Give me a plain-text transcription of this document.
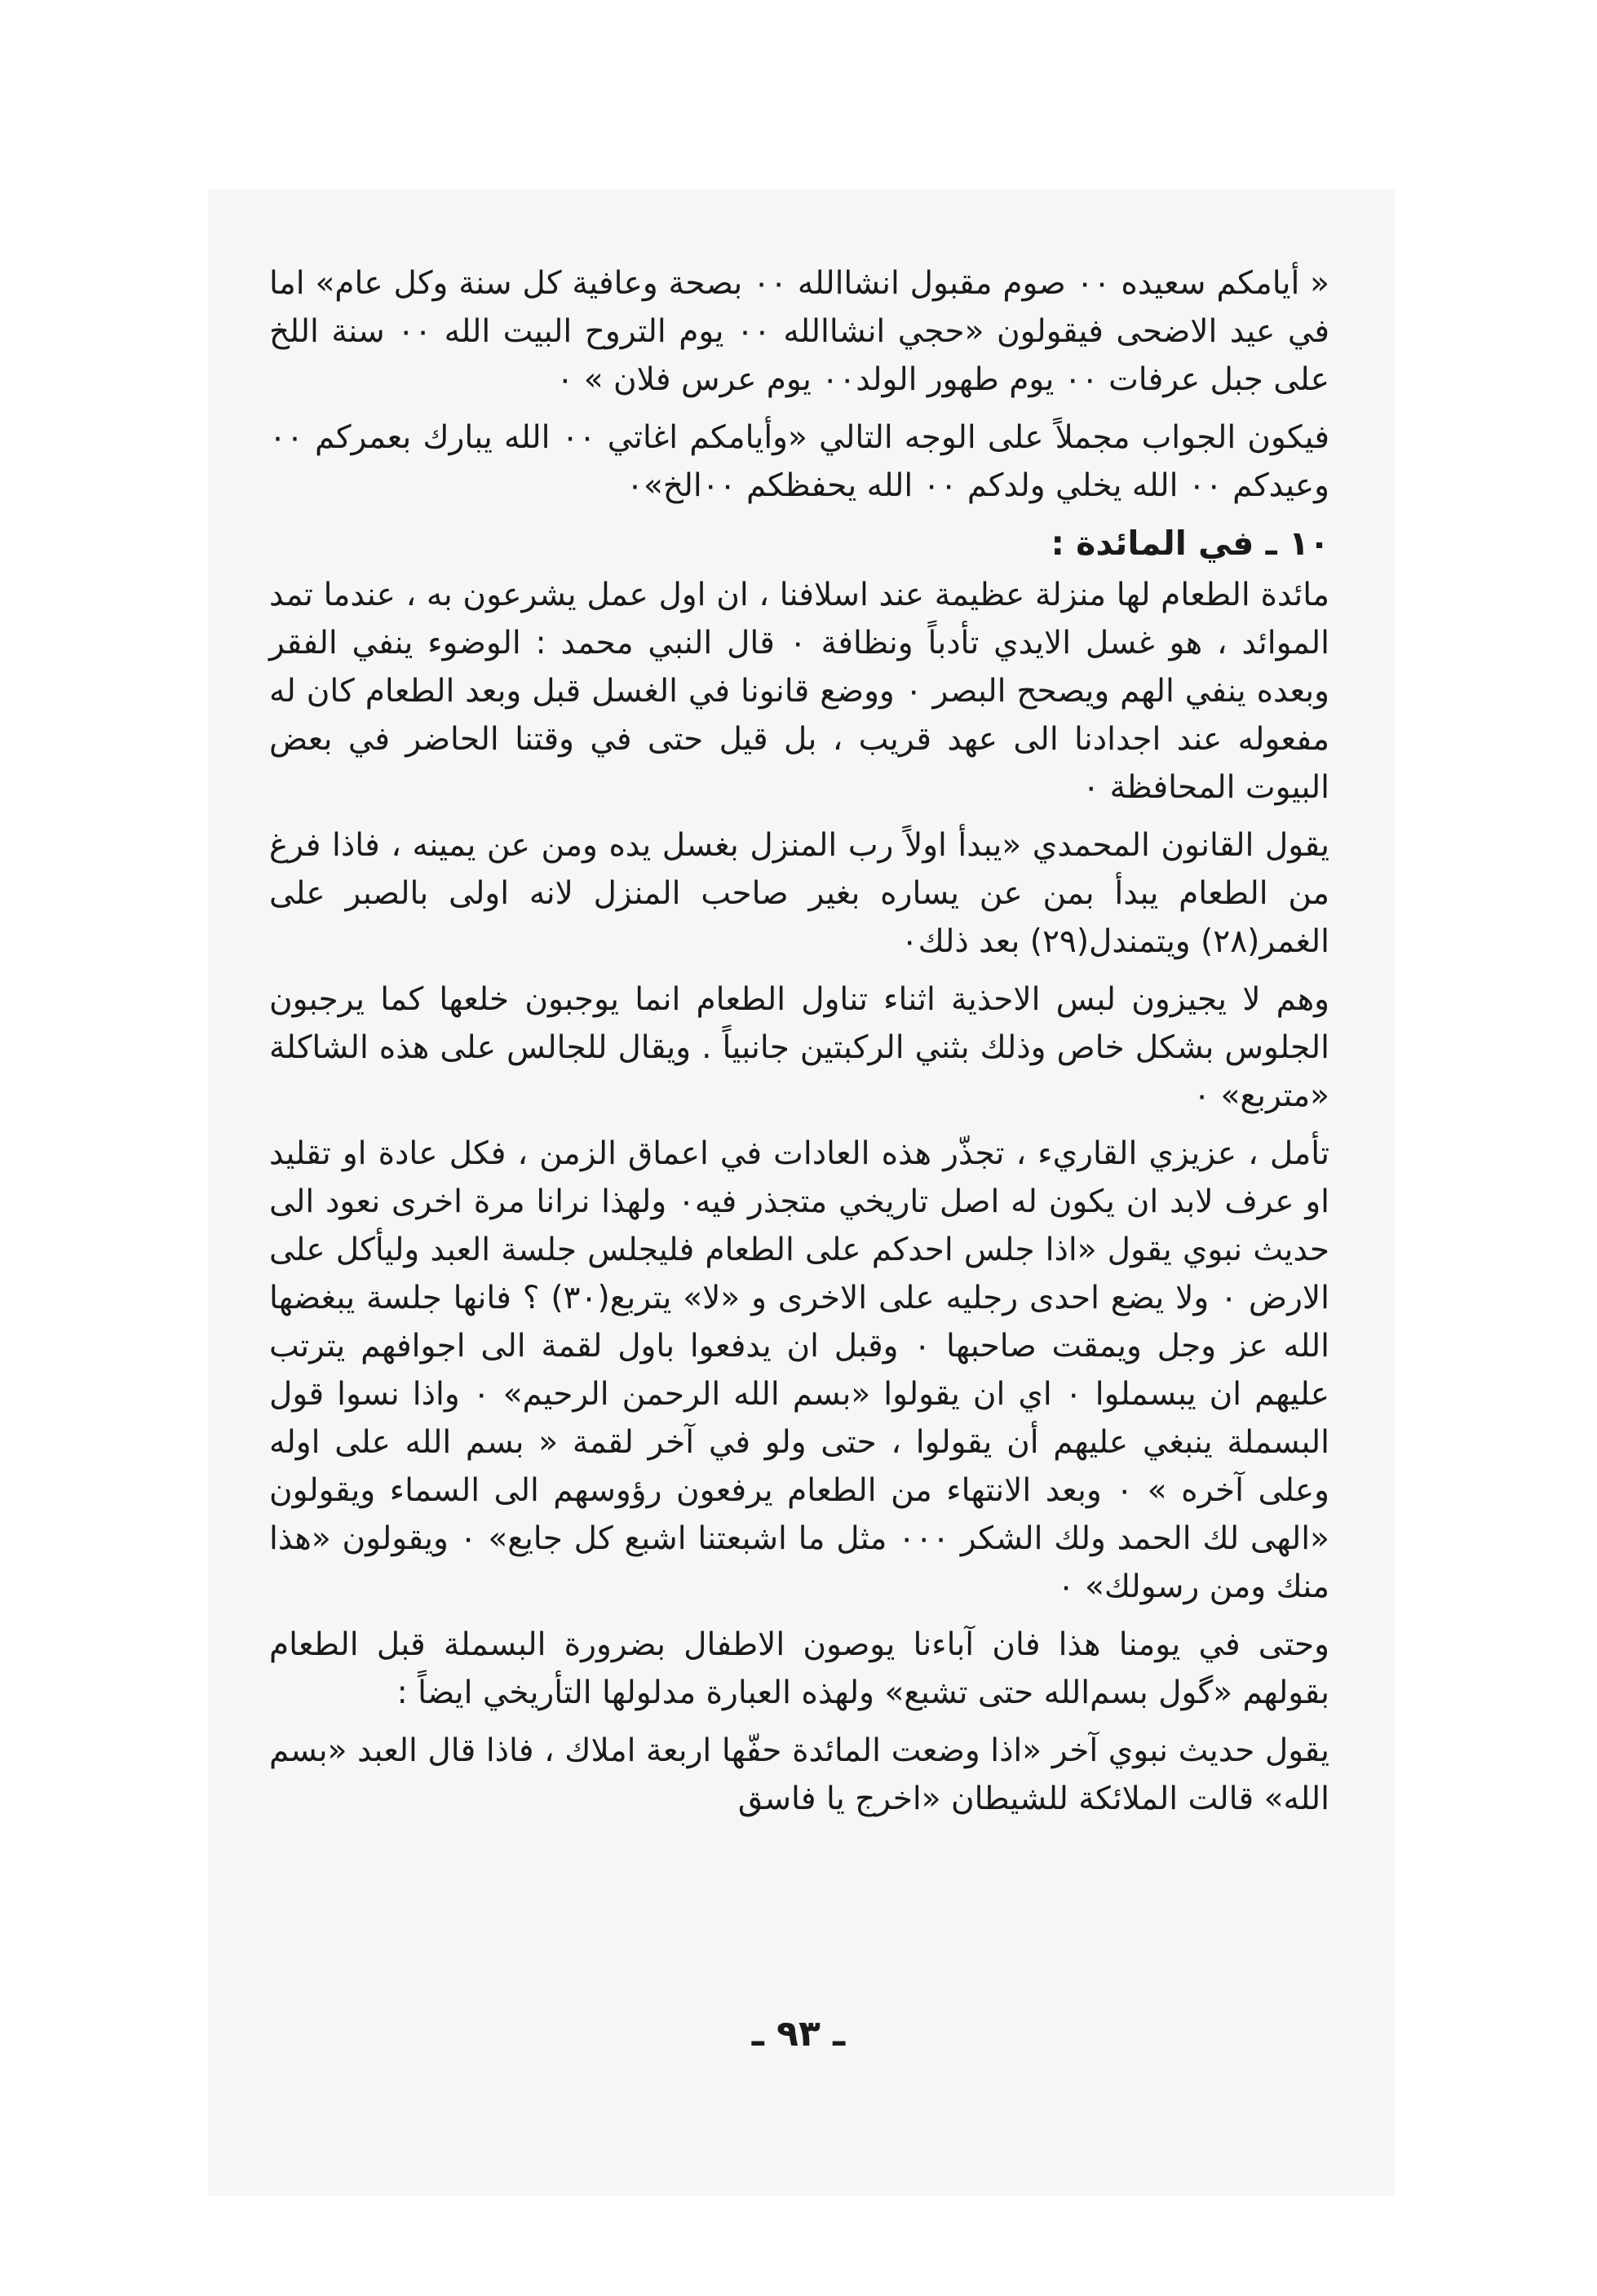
« أيامكم سعيده ٠٠ صوم مقبول انشاالله ٠٠ بصحة وعافية كل سنة وكل عام» اما في عيد الاضحى فيقولون «حجي انشاالله ٠٠ يوم التروح البيت الله ٠٠ سنة اللخ على جبل عرفات ٠٠ يوم طهور الولد٠٠ يوم عرس فلان » ٠

فيكون الجواب مجملاً على الوجه التالي «وأيامكم اغاتي ٠٠ الله يبارك بعمركم ٠٠ وعيدكم ٠٠ الله يخلي ولدكم ٠٠ الله يحفظكم ٠٠الخ»٠

١٠ ـ في المائدة :

مائدة الطعام لها منزلة عظيمة عند اسلافنا ، ان اول عمل يشرعون به ، عندما تمد الموائد ، هو غسل الايدي تأدباً ونظافة ٠ قال النبي محمد : الوضوء ينفي الفقر وبعده ينفي الهم ويصحح البصر ٠ ووضع قانونا في الغسل قبل وبعد الطعام كان له مفعوله عند اجدادنا الى عهد قريب ، بل قيل حتى في وقتنا الحاضر في بعض البيوت المحافظة ٠

يقول القانون المحمدي «يبدأ اولاً رب المنزل بغسل يده ومن عن يمينه ، فاذا فرغ من الطعام يبدأ بمن عن يساره بغير صاحب المنزل لانه اولى بالصبر على الغمر(٢٨) ويتمندل(٢٩) بعد ذلك٠

وهم لا يجيزون لبس الاحذية اثناء تناول الطعام انما يوجبون خلعها كما يرجبون الجلوس بشكل خاص وذلك بثني الركبتين جانبياً . ويقال للجالس على هذه الشاكلة «متربع» ٠

تأمل ، عزيزي القاريء ، تجذّر هذه العادات في اعماق الزمن ، فكل عادة او تقليد او عرف لابد ان يكون له اصل تاريخي متجذر فيه٠ ولهذا نرانا مرة اخرى نعود الى حديث نبوي يقول «اذا جلس احدكم على الطعام فليجلس جلسة العبد وليأكل على الارض ٠ ولا يضع احدى رجليه على الاخرى و «لا» يتربع(٣٠) ؟ فانها جلسة يبغضها الله عز وجل ويمقت صاحبها ٠ وقبل ان يدفعوا باول لقمة الى اجوافهم يترتب عليهم ان يبسملوا ٠ اي ان يقولوا «بسم الله الرحمن الرحيم» ٠ واذا نسوا قول البسملة ينبغي عليهم أن يقولوا ، حتى ولو في آخر لقمة « بسم الله على اوله وعلى آخره » ٠ وبعد الانتهاء من الطعام يرفعون رؤوسهم الى السماء ويقولون «الهى لك الحمد ولك الشكر ٠٠٠ مثل ما اشبعتنا اشبع كل جايع» ٠ ويقولون «هذا منك ومن رسولك» ٠

وحتى في يومنا هذا فان آباءنا يوصون الاطفال بضرورة البسملة قبل الطعام بقولهم «گول بسم‌الله حتى تشبع» ولهذه العبارة مدلولها التأريخي ايضاً :

يقول حديث نبوي آخر «اذا وضعت المائدة حفّها اربعة املاك ، فاذا قال العبد «بسم الله» قالت الملائكة للشيطان «اخرج يا فاسق

ـ ٩٣ ـ
